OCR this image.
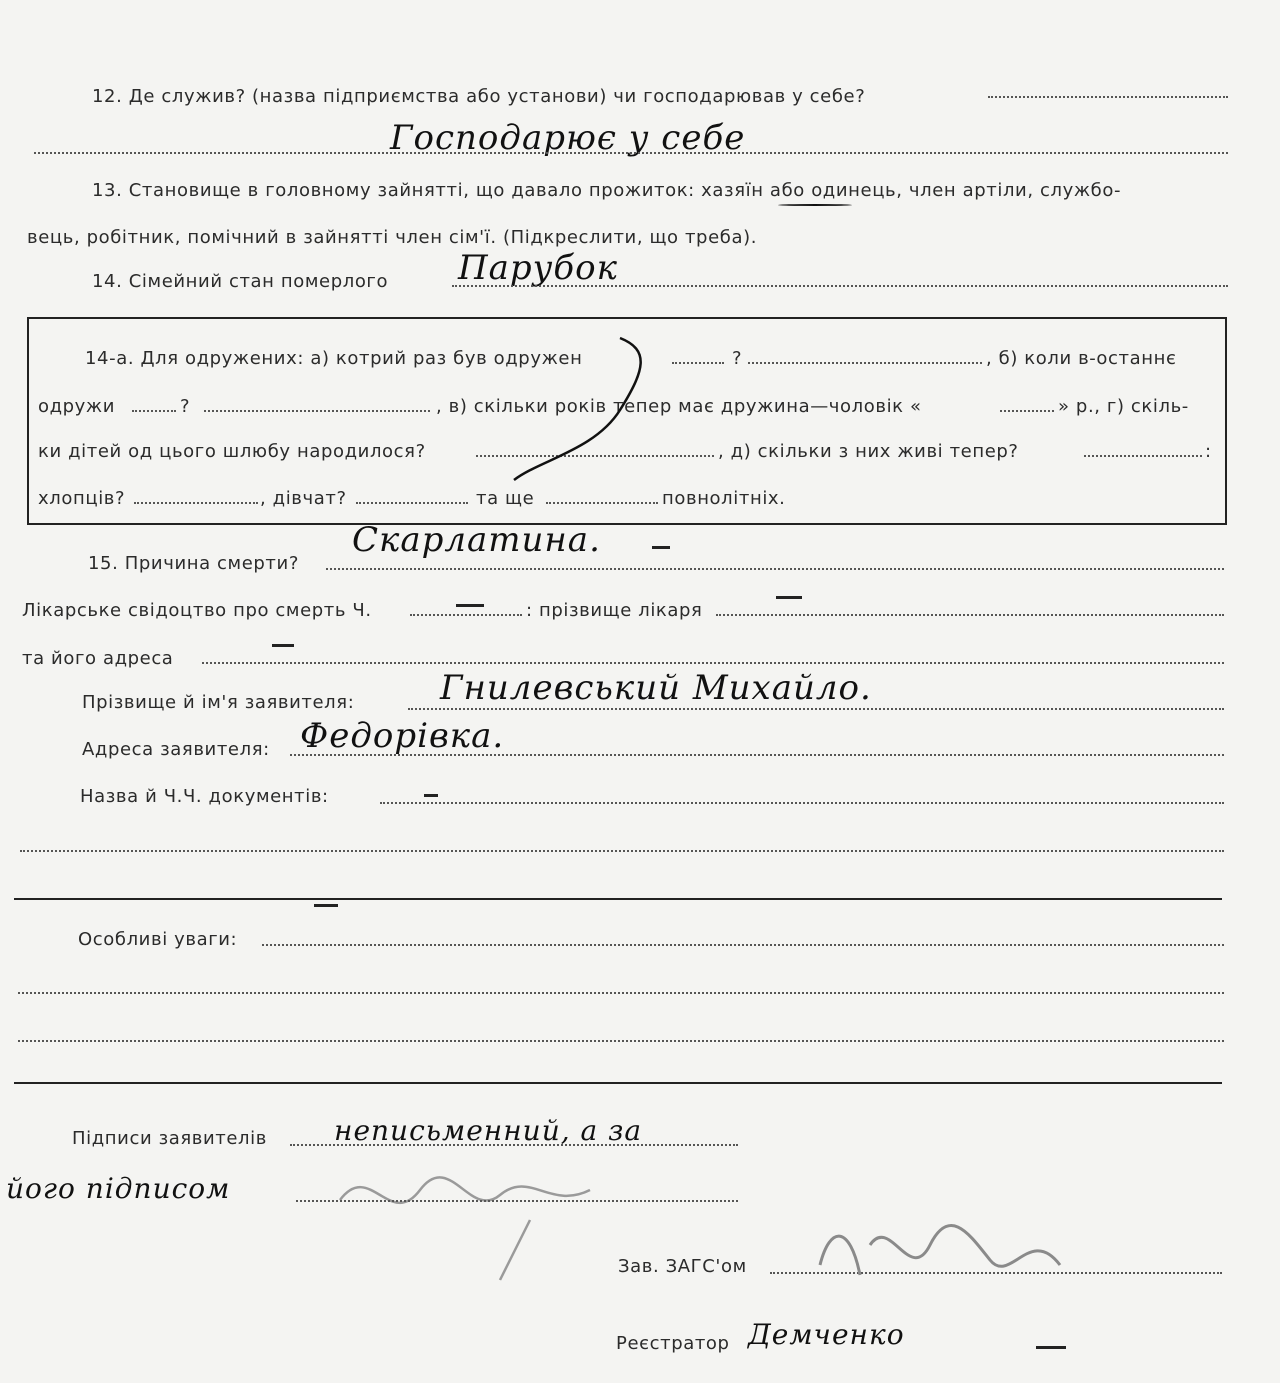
12. Де служив? (назва підприємства або установи) чи господарював у себе?
Господарює у себе
13. Становище в головному зайнятті, що давало прожиток: хазяїн або одинець, член артіли, службо-
вець, робітник, помічний в зайнятті член сім'ї. (Підкреслити, що треба).
14. Сімейний стан померлого Парубок
14-а. Для одружених: а) котрий раз був одружен	?	, б) коли в-останнє
одружи	?	, в) скільки років тепер має дружина—чоловік «	» р., г) скіль-
ки дітей од цього шлюбу народилося?	, д) скільки з них живі тепер?	:
хлопців?	, дівчат?	та ще	повнолітніх.
15. Причина смерти?
Скарлатина.
Лікарське свідоцтво про смерть Ч.	: прізвище лікаря
та його адреса
Прізвище й ім'я заявителя:	Гнилевський Михайло.
Адреса заявителя: Федорівка.
Назва й Ч.Ч. документів:
Особливі уваги:
Підписи заявителів неписьменний, а за
його підписом
Зав. ЗАГС'ом
Реєстратор Демченко
